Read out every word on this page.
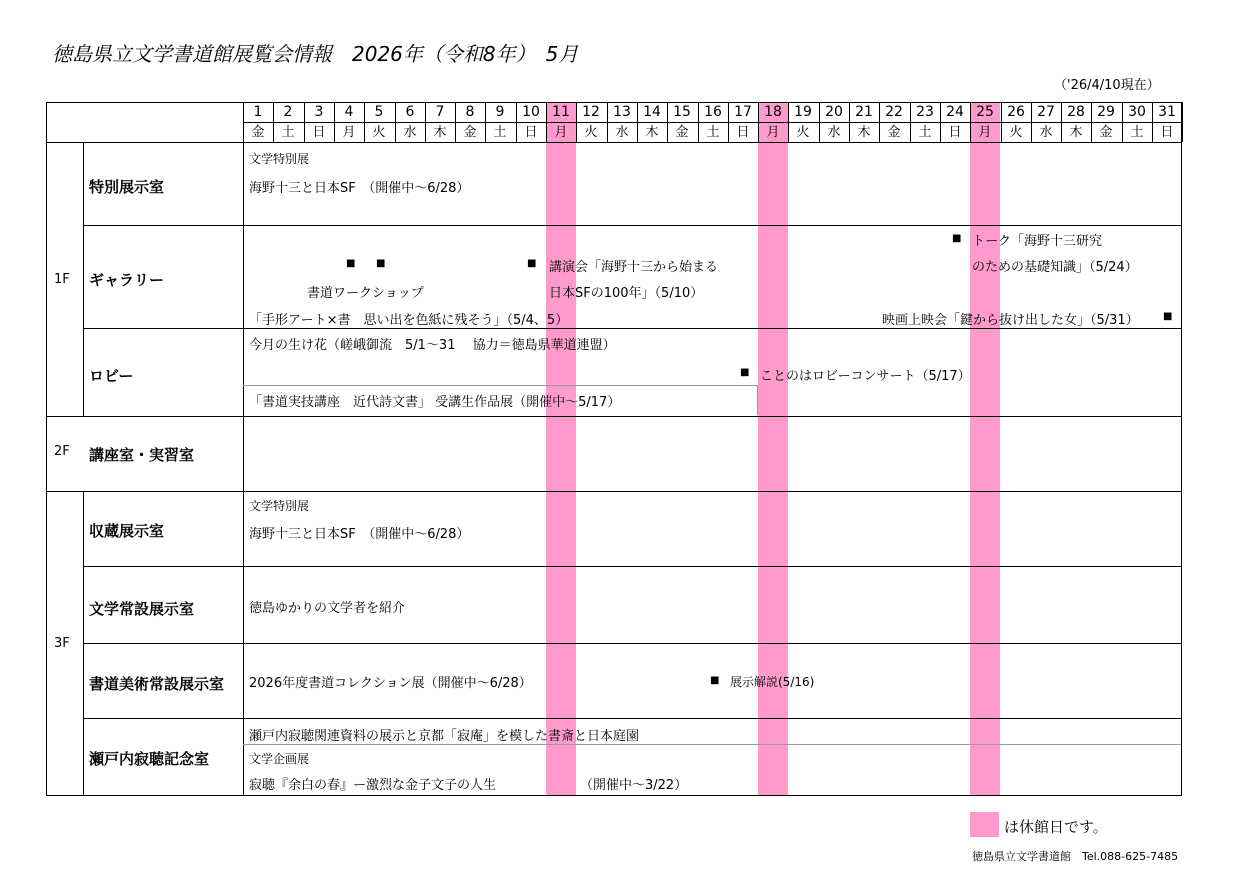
徳島県立文学書道館展覧会情報　2026年（令和8年）　5月
（'26/4/10現在）
1
金
2
土
3
日
4
月
5
火
6
水
7
木
8
金
9
土
10
日
11
月
12
火
13
水
14
木
15
金
16
土
17
日
18
月
19
火
20
水
21
木
22
金
23
土
24
日
25
月
26
火
27
水
28
木
29
金
30
土
31
日
1F
2F
3F
特別展示室
ギャラリー
ロビー
講座室・実習室
収蔵展示室
文学常設展示室
書道美術常設展示室
瀬戸内寂聴記念室
文学特別展
海野十三と日本SF　（開催中～6/28）
■ ■
書道ワークショップ
「手形アート×書　思い出を色紙に残そう」（5/4、5）
■ 講演会「海野十三から始まる
日本SFの100年」（5/10）
■ トーク「海野十三研究
のための基礎知識」（5/24）
映画上映会「鍵から抜け出した女」（5/31） ■
今月の生け花（嵯峨御流　5/1～31　 協力＝徳島県華道連盟）
■ ことのはロビーコンサート（5/17）
「書道実技講座　近代詩文書」 受講生作品展（開催中～5/17）
文学特別展
海野十三と日本SF　（開催中～6/28）
徳島ゆかりの文学者を紹介
2026年度書道コレクション展（開催中～6/28）	■ 展示解説(5/16)
瀬戸内寂聴関連資料の展示と京都「寂庵」を模した書斎と日本庭園
文学企画展
寂聴『余白の春』ー激烈な金子文子の人生	（開催中～3/22）
は休館日です。
徳島県立文学書道館　Tel.088-625-7485
